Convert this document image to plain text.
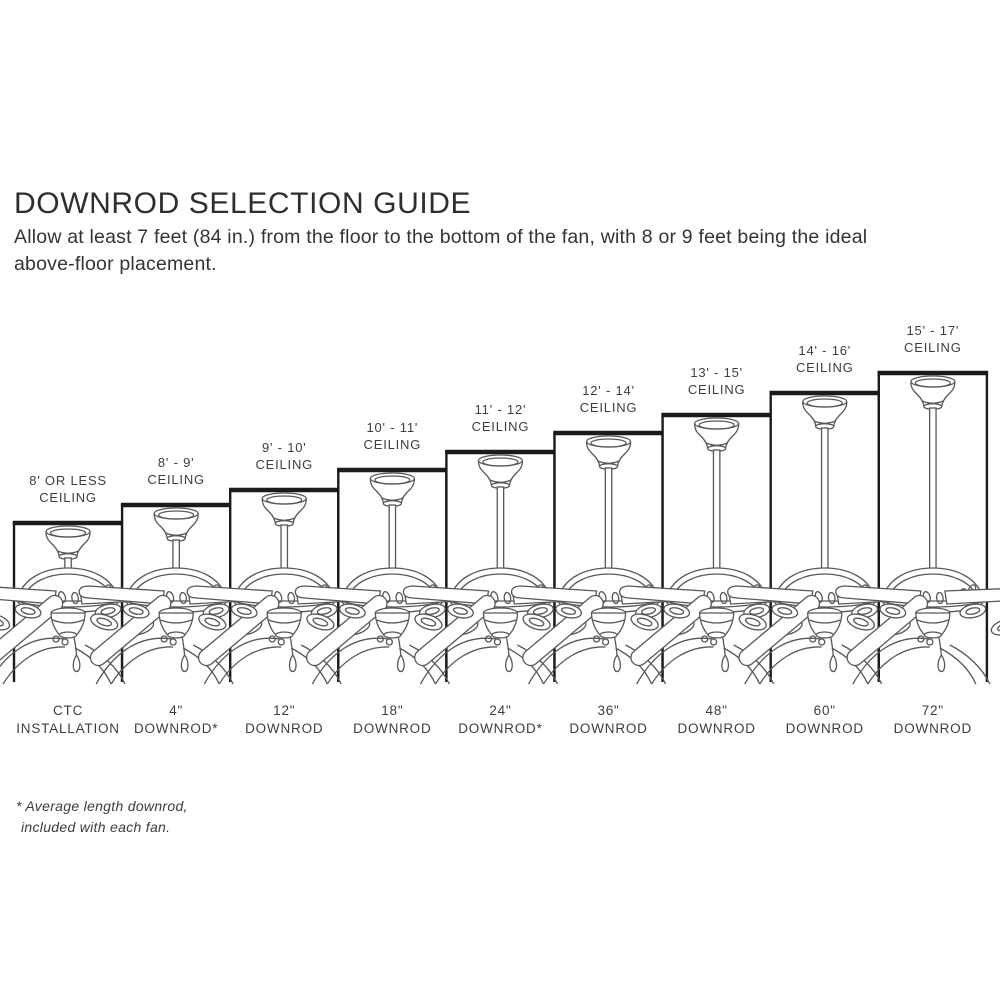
DOWNROD SELECTION GUIDE
Allow at least 7 feet (84 in.) from the floor to the bottom of the fan, with 8 or 9 feet being the ideal
above-floor placement.
8' OR LESS
CEILING
CTC
INSTALLATION
8' - 9'
CEILING
4"
DOWNROD*
9' - 10'
CEILING
12"
DOWNROD
10' - 11'
CEILING
18"
DOWNROD
11' - 12'
CEILING
24"
DOWNROD*
12' - 14'
CEILING
36"
DOWNROD
13' - 15'
CEILING
48"
DOWNROD
14' - 16'
CEILING
60"
DOWNROD
15' - 17'
CEILING
72"
DOWNROD
* Average length downrod,
included with each fan.
